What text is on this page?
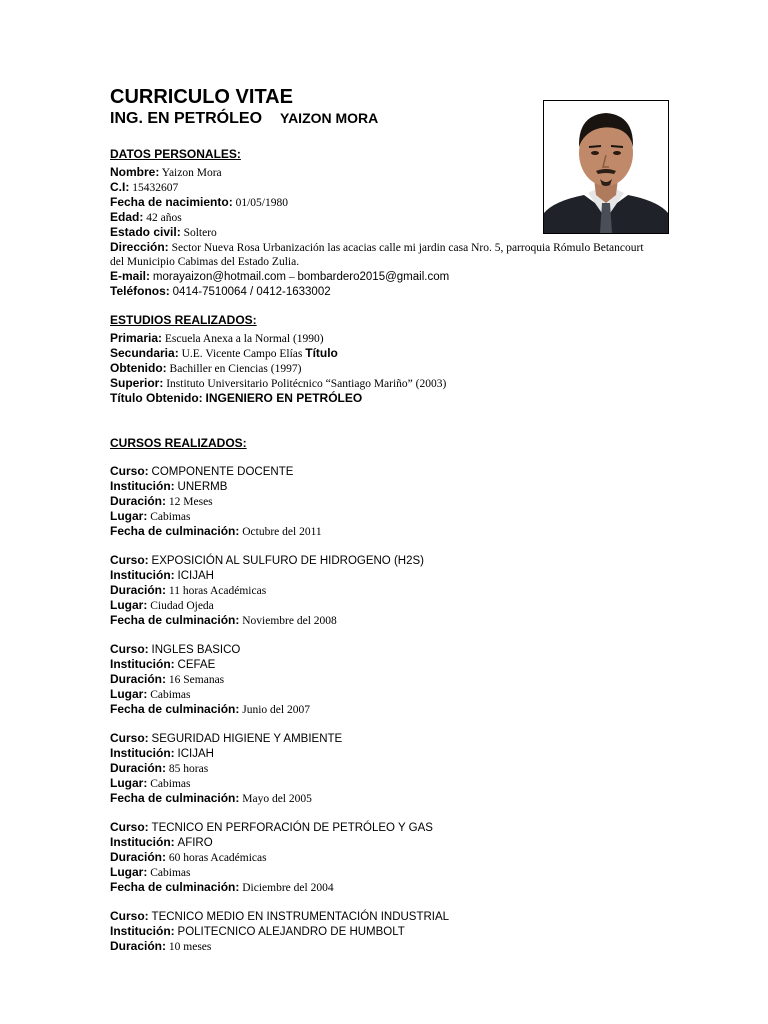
CURRICULO VITAE
ING. EN PETRÓLEO YAIZON MORA
DATOS PERSONALES:
Nombre: Yaizon Mora
C.I: 15432607
Fecha de nacimiento: 01/05/1980
Edad: 42 años
Estado civil: Soltero
Dirección: Sector Nueva Rosa Urbanización las acacias calle mi jardin casa Nro. 5, parroquia Rómulo Betancourt del Municipio Cabimas del Estado Zulia.
E-mail: morayaizon@hotmail.com – bombardero2015@gmail.com
Teléfonos: 0414-7510064 / 0412-1633002
ESTUDIOS REALIZADOS:
Primaria: Escuela Anexa a la Normal (1990)
Secundaria: U.E. Vicente Campo Elías Título
Obtenido: Bachiller en Ciencias (1997)
Superior: Instituto Universitario Politécnico “Santiago Mariño” (2003)
Título Obtenido: INGENIERO EN PETRÓLEO
CURSOS REALIZADOS:
Curso: COMPONENTE DOCENTE
Institución: UNERMB
Duración: 12 Meses
Lugar: Cabimas
Fecha de culminación: Octubre del 2011
Curso: EXPOSICIÓN AL SULFURO DE HIDROGENO (H2S)
Institución: ICIJAH
Duración: 11 horas Académicas
Lugar: Ciudad Ojeda
Fecha de culminación: Noviembre del 2008
Curso: INGLES BASICO
Institución: CEFAE
Duración: 16 Semanas
Lugar: Cabimas
Fecha de culminación: Junio del 2007
Curso: SEGURIDAD HIGIENE Y AMBIENTE
Institución: ICIJAH
Duración: 85 horas
Lugar: Cabimas
Fecha de culminación: Mayo del 2005
Curso: TECNICO EN PERFORACIÓN DE PETRÓLEO Y GAS
Institución: AFIRO
Duración: 60 horas Académicas
Lugar: Cabimas
Fecha de culminación: Diciembre del 2004
Curso: TECNICO MEDIO EN INSTRUMENTACIÓN INDUSTRIAL
Institución: POLITECNICO ALEJANDRO DE HUMBOLT
Duración: 10 meses
